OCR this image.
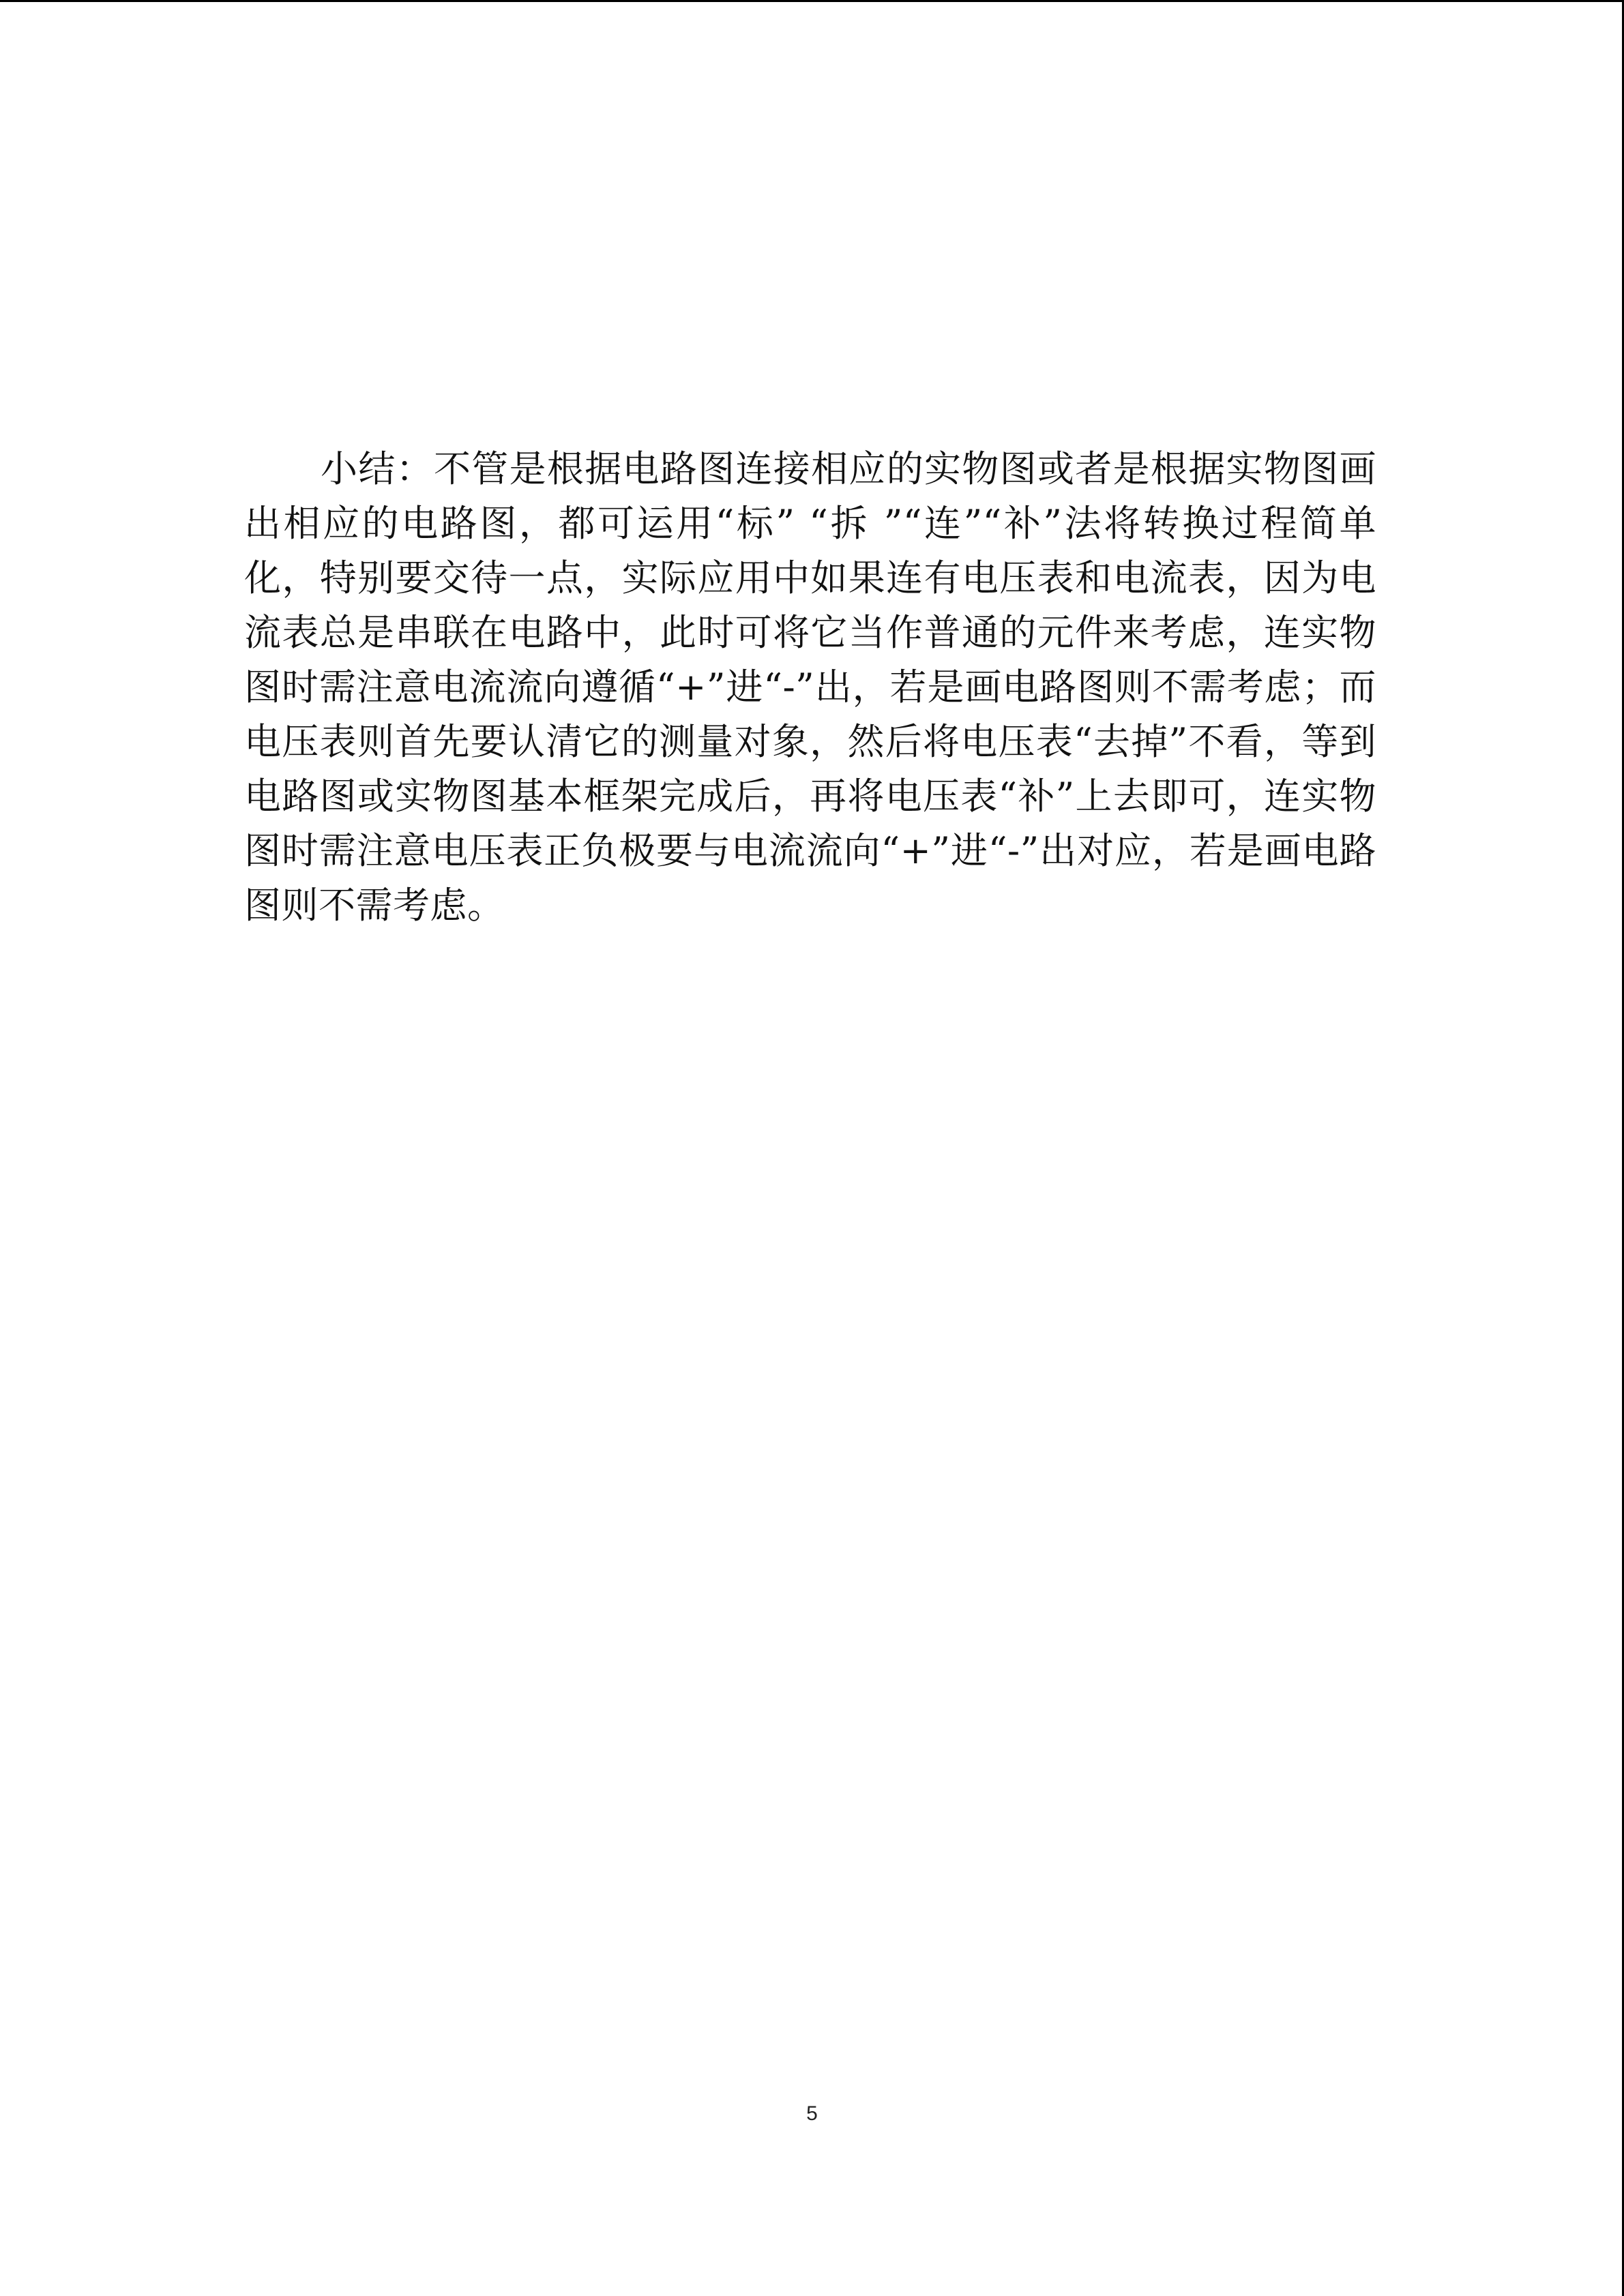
小结：不管是根据电路图连接相应的实物图或者是根据实物图画出相应的电路图，都可运用“标” “拆 ”“连”“补”法将转换过程简单化，特别要交待一点，实际应用中如果连有电压表和电流表，因为电流表总是串联在电路中，此时可将它当作普通的元件来考虑，连实物图时需注意电流流向遵循“+”进“-”出，若是画电路图则不需考虑；而电压表则首先要认清它的测量对象，然后将电压表“去掉”不看，等到电路图或实物图基本框架完成后，再将电压表“补”上去即可，连实物图时需注意电压表正负极要与电流流向“+”进“-”出对应，若是画电路图则不需考虑。

5
